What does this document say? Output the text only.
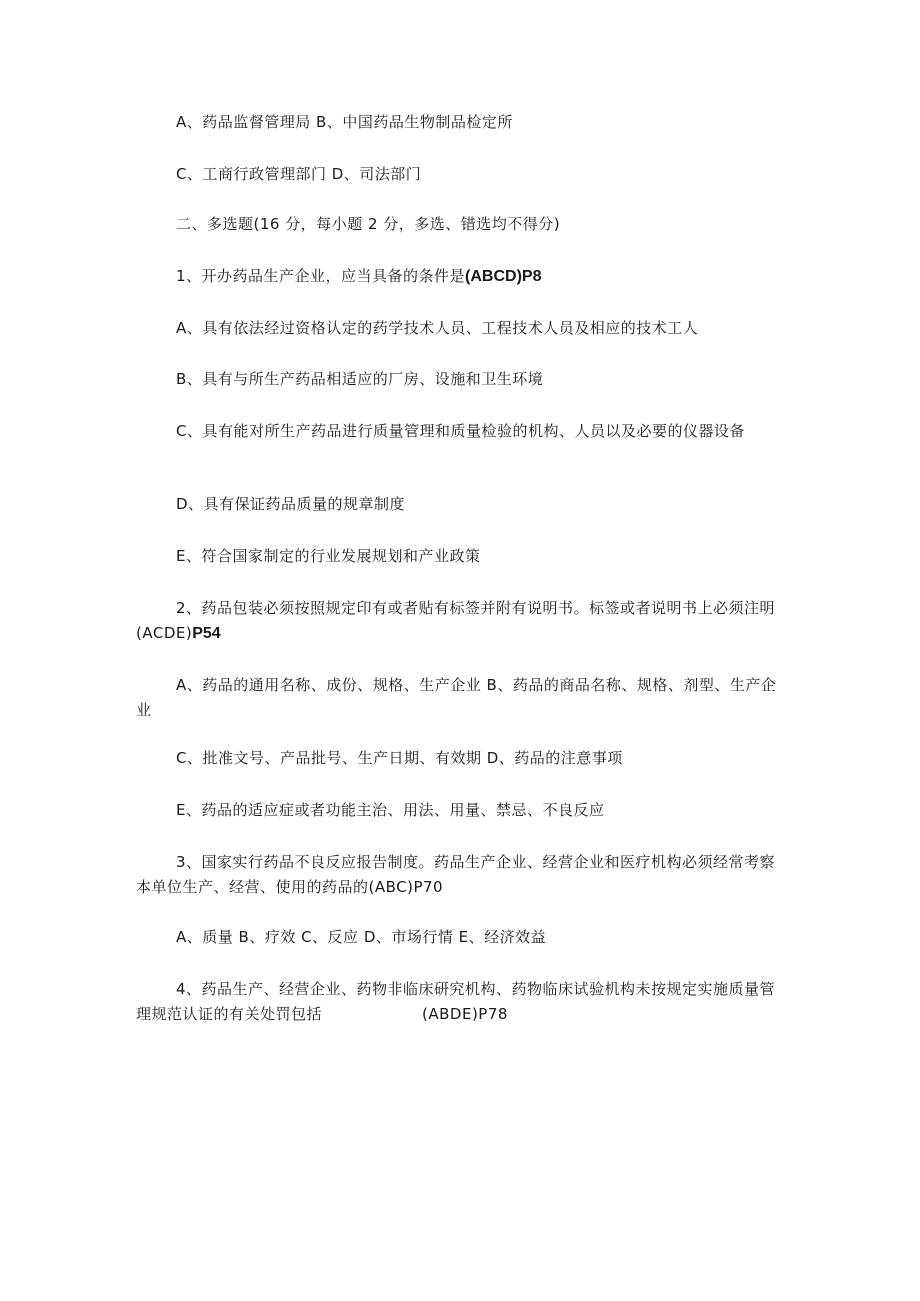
A、药品监督管理局 B、中国药品生物制品检定所
C、工商行政管理部门 D、司法部门
二、多选题(16 分，每小题 2 分，多选、错选均不得分)
1、开办药品生产企业，应当具备的条件是(ABCD)P8
A、具有依法经过资格认定的药学技术人员、工程技术人员及相应的技术工人
B、具有与所生产药品相适应的厂房、设施和卫生环境
C、具有能对所生产药品进行质量管理和质量检验的机构、人员以及必要的仪器设备
D、具有保证药品质量的规章制度
E、符合国家制定的行业发展规划和产业政策
2、药品包装必须按照规定印有或者贴有标签并附有说明书。标签或者说明书上必须注明(ACDE)P54
A、药品的通用名称、成份、规格、生产企业 B、药品的商品名称、规格、剂型、生产企业
C、批准文号、产品批号、生产日期、有效期 D、药品的注意事项
E、药品的适应症或者功能主治、用法、用量、禁忌、不良反应
3、国家实行药品不良反应报告制度。药品生产企业、经营企业和医疗机构必须经常考察本单位生产、经营、使用的药品的(ABC)P70
A、质量 B、疗效 C、反应 D、市场行情 E、经济效益
4、药品生产、经营企业、药物非临床研究机构、药物临床试验机构未按规定实施质量管理规范认证的有关处罚包括	(ABDE)P78
